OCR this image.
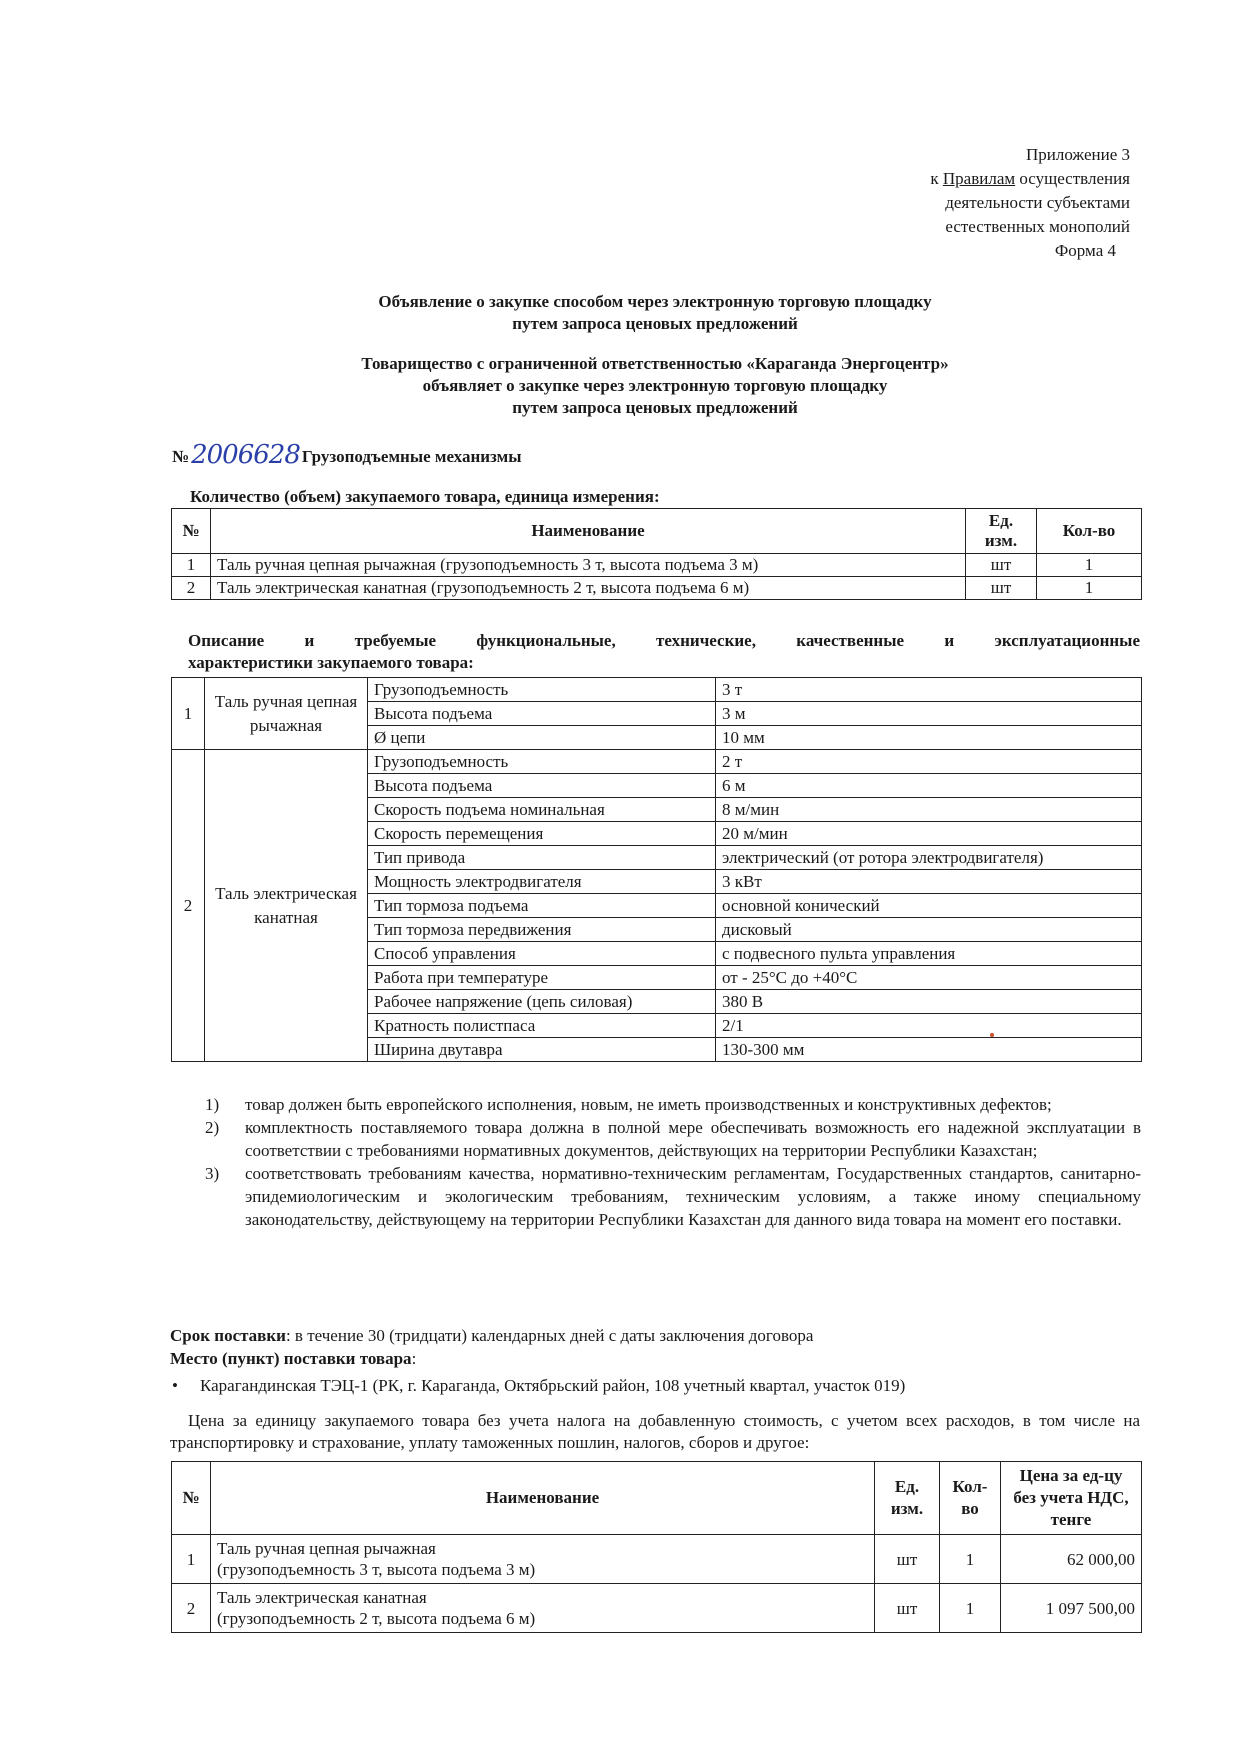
Приложение 3
к Правилам осуществления
деятельности субъектами
естественных монополий
Форма 4
Объявление о закупке способом через электронную торговую площадку
путем запроса ценовых предложений
Товарищество с ограниченной ответственностью «Караганда Энергоцентр»
объявляет о закупке через электронную торговую площадку
путем запроса ценовых предложений
№ 2006628 Грузоподъемные механизмы
Количество (объем) закупаемого товара, единица измерения:
№	Наименование	Ед. изм.	Кол-во
1	Таль ручная цепная рычажная (грузоподъемность 3 т, высота подъема 3 м)	шт	1
2	Таль электрическая канатная (грузоподъемность 2 т, высота подъема 6 м)	шт	1
Описание и требуемые функциональные, технические, качественные и эксплуатационные
характеристики закупаемого товара:
1	Таль ручная цепная рычажная	Грузоподъемность	3 т
		Высота подъема	3 м
		Ø цепи	10 мм
2	Таль электрическая канатная	Грузоподъемность	2 т
		Высота подъема	6 м
		Скорость подъема номинальная	8 м/мин
		Скорость перемещения	20 м/мин
		Тип привода	электрический (от ротора электродвигателя)
		Мощность электродвигателя	3 кВт
		Тип тормоза подъема	основной конический
		Тип тормоза передвижения	дисковый
		Способ управления	с подвесного пульта управления
		Работа при температуре	от - 25°С до +40°С
		Рабочее напряжение (цепь силовая)	380 В
		Кратность полистпаса	2/1
		Ширина двутавра	130-300 мм
1)	товар должен быть европейского исполнения, новым, не иметь производственных и конструктивных дефектов;
2)	комплектность поставляемого товара должна в полной мере обеспечивать возможность его надежной эксплуатации в соответствии с требованиями нормативных документов, действующих на территории Республики Казахстан;
3)	соответствовать требованиям качества, нормативно-техническим регламентам, Государственных стандартов, санитарно-эпидемиологическим и экологическим требованиям, техническим условиям, а также иному специальному законодательству, действующему на территории Республики Казахстан для данного вида товара на момент его поставки.
Срок поставки: в течение 30 (тридцати) календарных дней с даты заключения договора
Место (пункт) поставки товара:
•	Карагандинская ТЭЦ-1 (РК, г. Караганда, Октябрьский район, 108 учетный квартал, участок 019)
Цена за единицу закупаемого товара без учета налога на добавленную стоимость, с учетом всех расходов, в том числе на транспортировку и страхование, уплату таможенных пошлин, налогов, сборов и другое:
№	Наименование	Ед. изм.	Кол-во	Цена за ед-цу без учета НДС, тенге
1	Таль ручная цепная рычажная
(грузоподъемность 3 т, высота подъема 3 м)	шт	1	62 000,00
2	Таль электрическая канатная
(грузоподъемность 2 т, высота подъема 6 м)	шт	1	1 097 500,00
